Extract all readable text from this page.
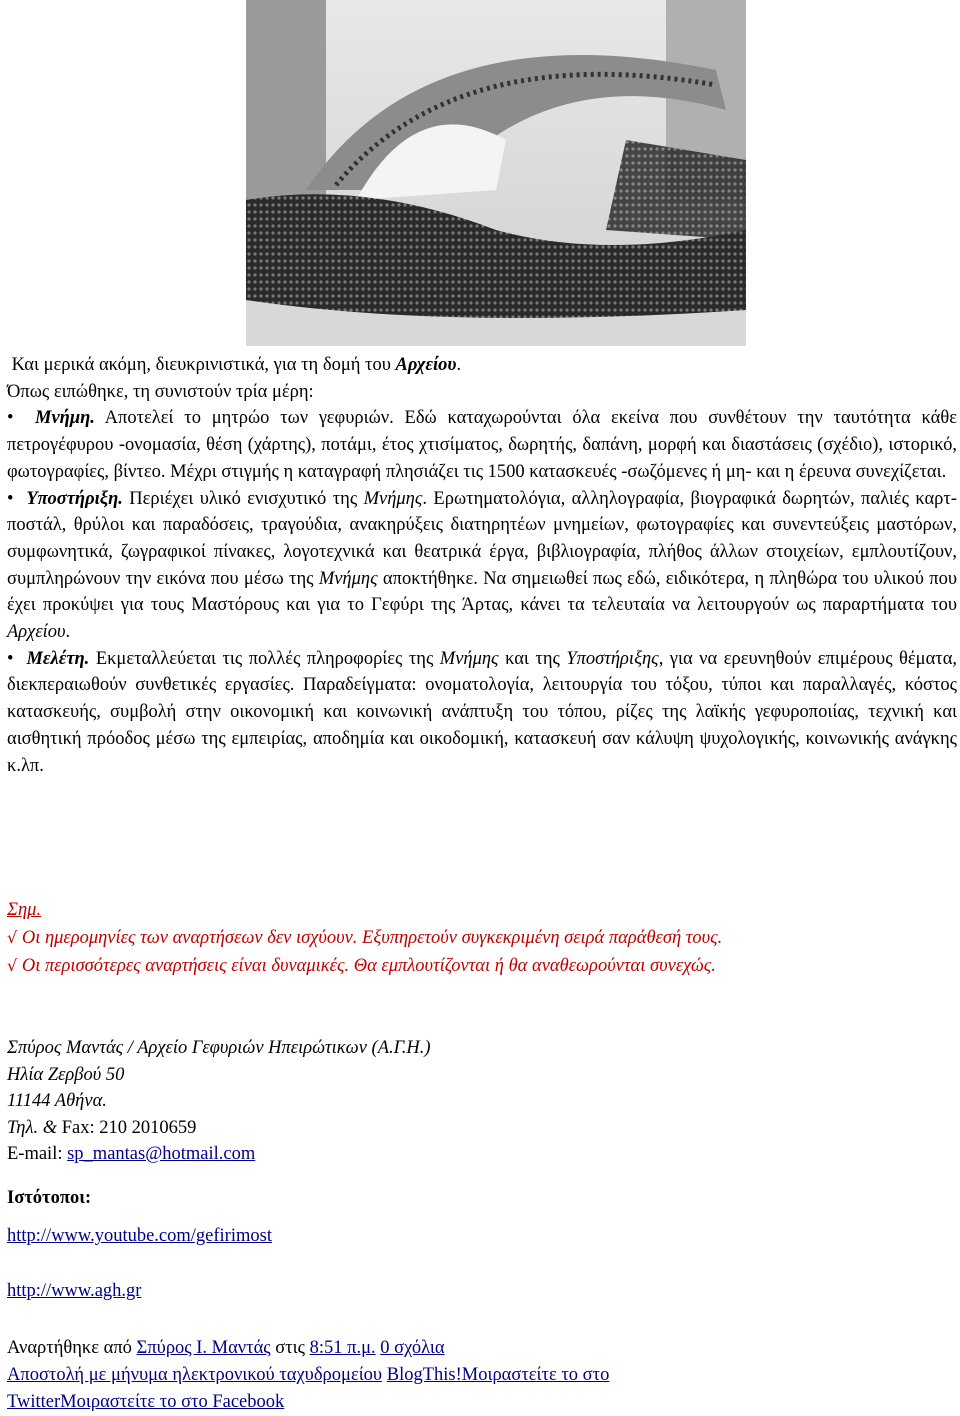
Και μερικά ακόμη, διευκρινιστικά, για τη δομή του Αρχείου.

Όπως ειπώθηκε, τη συνιστούν τρία μέρη:

• Μνήμη. Αποτελεί το μητρώο των γεφυριών. Εδώ καταχωρούνται όλα εκείνα που συνθέτουν την ταυτότητα κάθε πετρογέφυρου -ονομασία, θέση (χάρτης), ποτάμι, έτος χτισίματος, δωρητής, δαπάνη, μορφή και διαστάσεις (σχέδιο), ιστορικό, φωτογραφίες, βίντεο. Μέχρι στιγμής η καταγραφή πλησιάζει τις 1500 κατασκευές -σωζόμενες ή μη- και η έρευνα συνεχίζεται.

• Υποστήριξη. Περιέχει υλικό ενισχυτικό της Μνήμης. Ερωτηματολόγια, αλληλογραφία, βιογραφικά δωρητών, παλιές καρτ-ποστάλ, θρύλοι και παραδόσεις, τραγούδια, ανακηρύξεις διατηρητέων μνημείων, φωτογραφίες και συνεντεύξεις μαστόρων, συμφωνητικά, ζωγραφικοί πίνακες, λογοτεχνικά και θεατρικά έργα, βιβλιογραφία, πλήθος άλλων στοιχείων, εμπλουτίζουν, συμπληρώνουν την εικόνα που μέσω της Μνήμης αποκτήθηκε. Να σημειωθεί πως εδώ, ειδικότερα, η πληθώρα του υλικού που έχει προκύψει για τους Μαστόρους και για το Γεφύρι της Άρτας, κάνει τα τελευταία να λειτουργούν ως παραρτήματα του Αρχείου.

• Μελέτη. Εκμεταλλεύεται τις πολλές πληροφορίες της Μνήμης και της Υποστήριξης, για να ερευνηθούν επιμέρους θέματα, διεκπεραιωθούν συνθετικές εργασίες. Παραδείγματα: ονοματολογία, λειτουργία του τόξου, τύποι και παραλλαγές, κόστος κατασκευής, συμβολή στην οικονομική και κοινωνική ανάπτυξη του τόπου, ρίζες της λαϊκής γεφυροποιίας, τεχνική και αισθητική πρόοδος μέσω της εμπειρίας, αποδημία και οικοδομική, κατασκευή σαν κάλυψη ψυχολογικής, κοινωνικής ανάγκης κ.λπ.

Σημ.
√ Οι ημερομηνίες των αναρτήσεων δεν ισχύουν. Εξυπηρετούν συγκεκριμένη σειρά παράθεσή τους.
√ Οι περισσότερες αναρτήσεις είναι δυναμικές. Θα εμπλουτίζονται ή θα αναθεωρούνται συνεχώς.
Σπύρος Μαντάς / Αρχείο Γεφυριών Ηπειρώτικων (Α.Γ.Η.)
Ηλία Ζερβού 50
11144 Αθήνα.
Τηλ. & Fax: 210 2010659
E-mail: sp_mantas@hotmail.com
Ιστότοποι:
http://www.youtube.com/gefirimost
http://www.agh.gr
Αναρτήθηκε από Σπύρος Ι. Μαντάς στις 8:51 π.μ. 0 σχόλια
Αποστολή με μήνυμα ηλεκτρονικού ταχυδρομείου BlogThis!Μοιραστείτε το στο
TwitterΜοιραστείτε το στο Facebook
